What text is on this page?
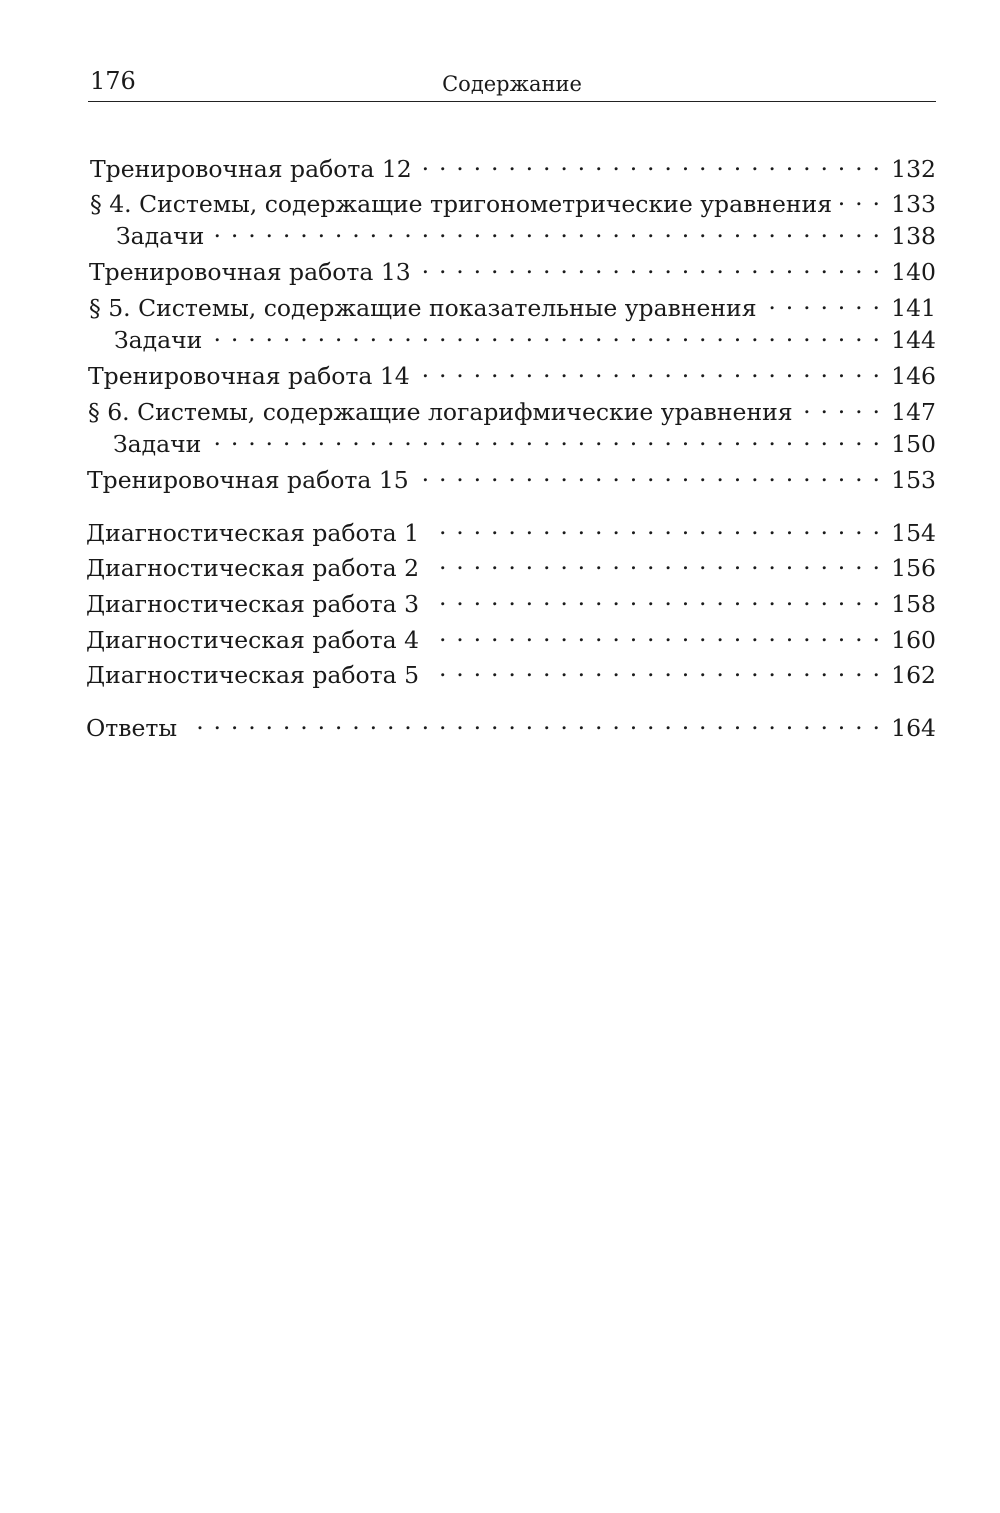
176	Содержание
Тренировочная работа 12 . . .	132
§ 4. Системы, содержащие тригонометрические уравнения . . .	133
Задачи . . .	138
Тренировочная работа 13 . . .	140
§ 5. Системы, содержащие показательные уравнения . . .	141
Задачи . . .	144
Тренировочная работа 14 . . .	146
§ 6. Системы, содержащие логарифмические уравнения . . .	147
Задачи . . .	150
Тренировочная работа 15 . . .	153
Диагностическая работа 1 . . .	154
Диагностическая работа 2 . . .	156
Диагностическая работа 3 . . .	158
Диагностическая работа 4 . . .	160
Диагностическая работа 5 . . .	162
Ответы . . .	164
